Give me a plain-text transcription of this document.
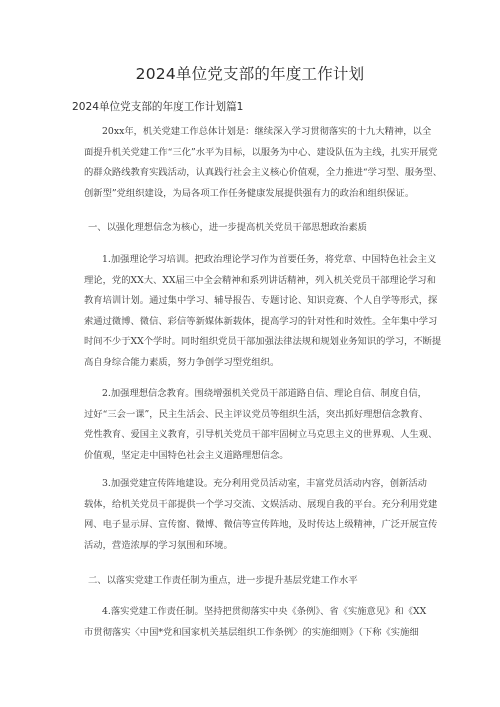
2024单位党支部的年度工作计划
2024单位党支部的年度工作计划篇1

20xx年，机关党建工作总体计划是：继续深入学习贯彻落实的十九大精神，以全
面提升机关党建工作“三化”水平为目标，以服务为中心、建设队伍为主线，扎实开展党
的群众路线教育实践活动，认真践行社会主义核心价值观，全力推进“学习型、服务型、
创新型”党组织建设，为局各项工作任务健康发展提供强有力的政治和组织保证。

一、以强化理想信念为核心，进一步提高机关党员干部思想政治素质

1.加强理论学习培训。把政治理论学习作为首要任务，将党章、中国特色社会主义
理论，党的XX大、XX届三中全会精神和系列讲话精神，列入机关党员干部理论学习和
教育培训计划。通过集中学习、辅导报告、专题讨论、知识竞赛、个人自学等形式，探
索通过微博、微信、彩信等新媒体新载体，提高学习的针对性和时效性。全年集中学习
时间不少于XX个学时。同时组织党员干部加强法律法规和规划业务知识的学习，不断提
高自身综合能力素质，努力争创学习型党组织。

2.加强理想信念教育。围绕增强机关党员干部道路自信、理论自信、制度自信，
过好“三会一课”，民主生活会、民主评议党员等组织生活，突出抓好理想信念教育、
党性教育、爱国主义教育，引导机关党员干部牢固树立马克思主义的世界观、人生观、
价值观，坚定走中国特色社会主义道路理想信念。

3.加强党建宣传阵地建设。充分利用党员活动室，丰富党员活动内容，创新活动
载体，给机关党员干部提供一个学习交流、文娱活动、展现自我的平台。充分利用党建
网、电子显示屏、宣传窗、微博、微信等宣传阵地，及时传达上级精神，广泛开展宣传
活动，营造浓厚的学习氛围和环境。

二、以落实党建工作责任制为重点，进一步提升基层党建工作水平

4.落实党建工作责任制。坚持把贯彻落实中央《条例》、省《实施意见》和《XX
市贯彻落实〈中国*党和国家机关基层组织工作条例〉的实施细则》（下称《实施细
